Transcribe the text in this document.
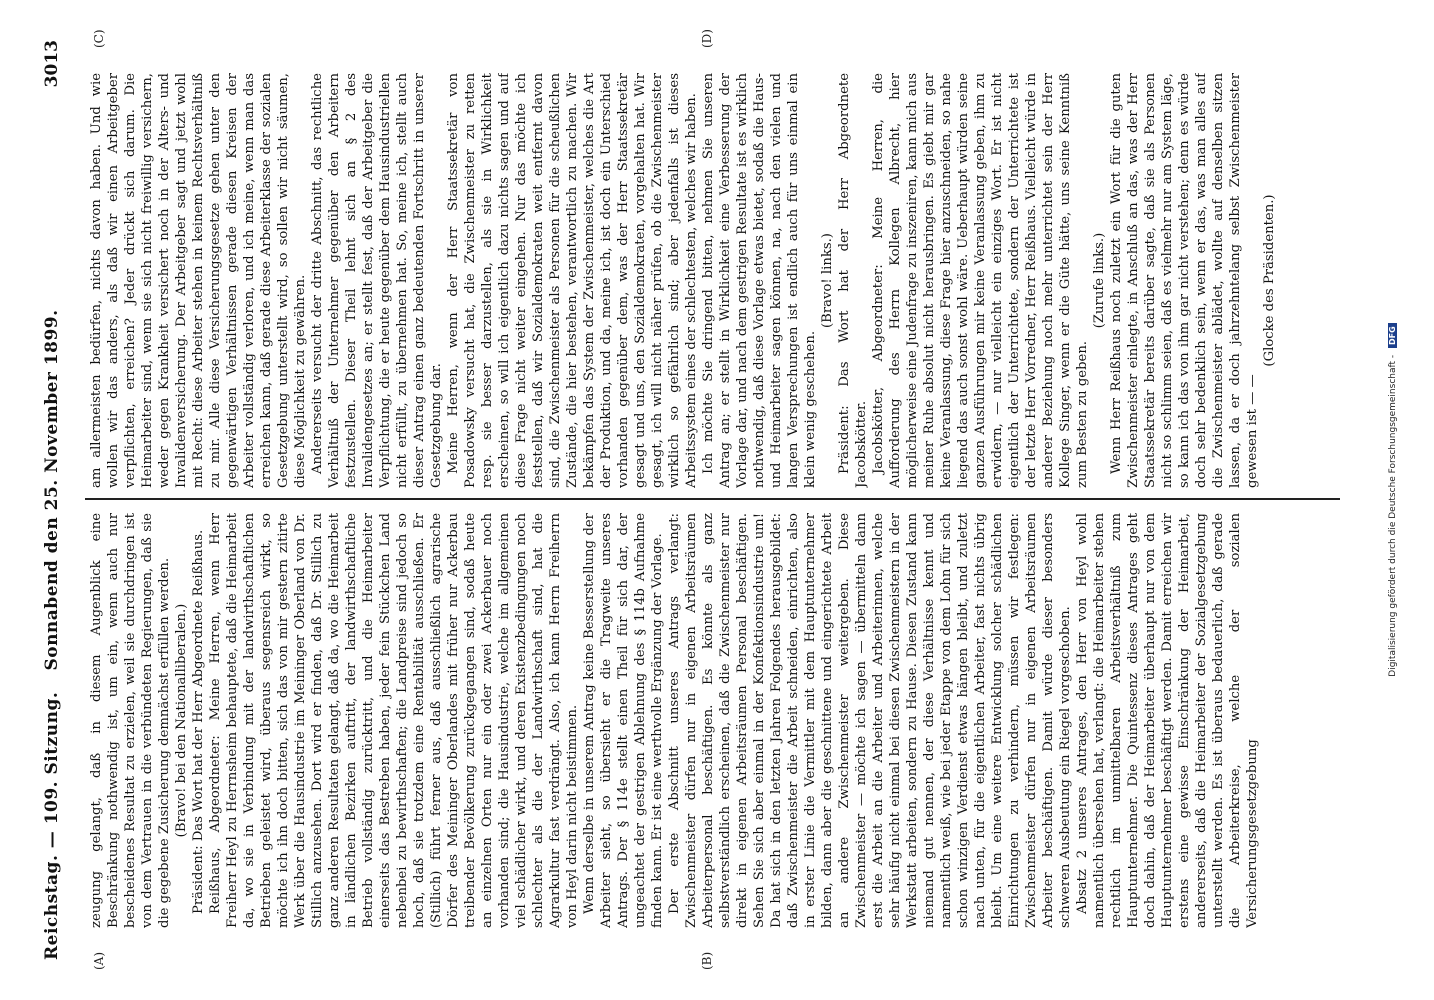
Reichstag. — 109. Sitzung.
Sonnabend den 25. November 1899.
3013
(A)	(B)
(C)	(D)

zeugung gelangt, daß in diesem Augenblick eine Beschränkung nothwendig ist, um ein, wenn auch nur bescheidenes Resultat zu erzielen, weil sie durchdringen ist von dem Vertrauen in die verbündeten Regierungen, daß sie die gegebene Zusicherung demnächst erfüllen werden. (Bravo! bei den Nationalliberalen.) Präsident: Das Wort hat der Herr Abgeordnete Reißhaus. Reißhaus, Abgeordneter: Meine Herren, wenn Herr Freiherr Heyl zu Herrnsheim behauptete, daß die Heimarbeit da, wo sie in Verbindung mit der landwirthschaftlichen Betrieben geleistet wird, überaus segensreich wirkt, so möchte ich ihn doch bitten, sich das von mir gestern zitirte Werk über die Hausindustrie im Meininger Oberland von Dr. Stillich anzusehen. Dort wird er finden, daß Dr. Stillich zu ganz anderen Resultaten gelangt, daß da, wo die Heimarbeit in ländlichen Bezirken auftritt, der landwirthschaftliche Betrieb vollständig zurücktritt, und die Heimarbeiter einerseits das Bestreben haben, jeder fein Stückchen Land nebenbei zu bewirthschaften; die Landpreise sind jedoch so hoch, daß sie trotzdem eine Rentabilität ausschließen. Er (Stillich) führt ferner aus, daß ausschließlich agrarische Dörfer des Meininger Oberlandes mit früher nur Ackerbau treibender Bevölkerung zurückgegangen sind, sodaß heute an einzelnen Orten nur ein oder zwei Ackerbauer noch vorhanden sind; die Hausindustrie, welche im allgemeinen viel schädlicher wirkt, und deren Existenzbedingungen noch schlechter als die der Landwirthschaft sind, hat die Agrarkultur fast verdrängt. Also, ich kann Herrn Freiherrn von Heyl darin nicht beistimmen. Wenn derselbe in unserem Antrag keine Besserstellung der Arbeiter sieht, so übersieht er die Tragweite unseres Antrags. Der § 114e stellt einen Theil für sich dar, der ungeachtet der gestrigen Ablehnung des § 114b Aufnahme finden kann. Er ist eine werthvolle Ergänzung der Vorlage. Der erste Abschnitt unseres Antrags verlangt: Zwischenmeister dürfen nur in eigenen Arbeitsräumen Arbeiterpersonal beschäftigen. Es könnte als ganz selbstverständlich erscheinen, daß die Zwischenmeister nur direkt in eigenen Arbeitsräumen Personal beschäftigen. Sehen Sie sich aber einmal in der Konfektionsindustrie um! Da hat sich in den letzten Jahren Folgendes herausgebildet: daß Zwischenmeister die Arbeit schneiden, einrichten, also in erster Linie die Vermittler mit dem Hauptunternehmer bilden, dann aber die geschnittene und eingerichtete Arbeit an andere Zwischenmeister weitergeben. Diese Zwischenmeister — möchte ich sagen — übermitteln dann erst die Arbeit an die Arbeiter und Arbeiterinnen, welche sehr häufig nicht einmal bei diesen Zwischenmeistern in der Werkstatt arbeiten, sondern zu Hause. Diesen Zustand kann niemand gut nennen, der diese Verhältnisse kennt und namentlich weiß, wie bei jeder Etappe von dem Lohn für sich schon winzigen Verdienst etwas hängen bleibt, und zuletzt nach unten, für die eigentlichen Arbeiter, fast nichts übrig bleibt. Um eine weitere Entwicklung solcher schädlichen Einrichtungen zu verhindern, müssen wir festlegen: Zwischenmeister dürfen nur in eigenen Arbeitsräumen Arbeiter beschäftigen. Damit würde dieser besonders schweren Ausbeutung ein Riegel vorgeschoben. Absatz 2 unseres Antrages, den Herr von Heyl wohl namentlich übersehen hat, verlangt: die Heimarbeiter stehen rechtlich im unmittelbaren Arbeitsverhältniß zum Hauptunternehmer. Die Quintessenz dieses Antrages geht doch dahin, daß der Heimarbeiter überhaupt nur von dem Hauptunternehmer beschäftigt werden. Damit erreichen wir erstens eine gewisse Einschränkung der Heimarbeit, andererseits, daß die Heimarbeiter der Sozialgesetzgebung unterstellt werden. Es ist überaus bedauerlich, daß gerade die Arbeiterkreise, welche der sozialen Versicherungsgesetzgebung

am allermeisten bedürfen, nichts davon haben. Und wie wollen wir das anders, als daß wir einen Arbeitgeber verpflichten, erreichen? Jeder drückt sich darum. Die Heimarbeiter sind, wenn sie sich nicht freiwillig versichern, weder gegen Krankheit versichert noch in der Alters- und Invalidenversicherung. Der Arbeitgeber sagt und jetzt wohl mit Recht: diese Arbeiter stehen in keinem Rechtsverhältniß zu mir. Alle diese Versicherungsgesetze gehen unter den gegenwärtigen Verhältnissen gerade diesen Kreisen der Arbeiter vollständig verloren, und ich meine, wenn man das erreichen kann, daß gerade diese Arbeiterklasse der sozialen Gesetzgebung unterstellt wird, so sollen wir nicht säumen, diese Möglichkeit zu gewähren. Andererseits versucht der dritte Abschnitt, das rechtliche Verhältniß der Unternehmer gegenüber den Arbeitern festzustellen. Dieser Theil lehnt sich an § 2 des Invalidengesetzes an; er stellt fest, daß der Arbeitgeber die Verpflichtung, die er heute gegenüber dem Hausindustriellen nicht erfüllt, zu übernehmen hat. So, meine ich, stellt auch dieser Antrag einen ganz bedeutenden Fortschritt in unserer Gesetzgebung dar. Meine Herren, wenn der Herr Staatssekretär von Posadowsky versucht hat, die Zwischenmeister zu retten resp. sie besser darzustellen, als sie in Wirklichkeit erscheinen, so will ich eigentlich dazu nichts sagen und auf diese Frage nicht weiter eingehen. Nur das möchte ich feststellen, daß wir Sozialdemokraten weit entfernt davon sind, die Zwischenmeister als Personen für die scheußlichen Zustände, die hier bestehen, verantwortlich zu machen. Wir bekämpfen das System der Zwischenmeister, welches die Art der Produktion, und da, meine ich, ist doch ein Unterschied vorhanden gegenüber dem, was der Herr Staatssekretär gesagt und uns, den Sozialdemokraten, vorgehalten hat. Wir gesagt, ich will nicht näher prüfen, ob die Zwischenmeister wirklich so gefährlich sind; aber jedenfalls ist dieses Arbeitssystem eines der schlechtesten, welches wir haben. Ich möchte Sie dringend bitten, nehmen Sie unseren Antrag an; er stellt in Wirklichkeit eine Verbesserung der Vorlage dar, und nach dem gestrigen Resultate ist es wirklich nothwendig, daß diese Vorlage etwas bietet, sodaß die Haus- und Heimarbeiter sagen können, na, nach den vielen und langen Versprechungen ist endlich auch für uns einmal ein klein wenig geschehen.

(Bravo! links.) Präsident: Das Wort hat der Herr Abgeordnete Jacobskötter. Jacobskötter, Abgeordneter: Meine Herren, die Aufforderung des Herrn Kollegen Albrecht, hier möglicherweise eine Judenfrage zu inszeniren, kann mich aus meiner Ruhe absolut nicht herausbringen. Es giebt mir gar keine Veranlassung, diese Frage hier anzuschneiden, so nahe liegend das auch sonst wohl wäre. Ueberhaupt würden seine ganzen Ausführungen mir keine Veranlassung geben, ihm zu erwidern, — nur vielleicht ein einziges Wort. Er ist nicht eigentlich der Unterrichtete, sondern der Unterrichtete ist der letzte Herr Vorredner, Herr Reißhaus. Vielleicht würde in anderer Beziehung noch mehr unterrichtet sein der Herr Kollege Singer, wenn er die Güte hätte, uns seine Kenntniß zum Besten zu geben.

(Zurufe links.) Wenn Herr Reißhaus noch zuletzt ein Wort für die guten Zwischenmeister einlegte, in Anschluß an das, was der Herr Staatssekretär bereits darüber sagte, daß sie als Personen nicht so schlimm seien, daß es vielmehr nur am System läge, so kann ich das von ihm gar nicht verstehen; denn es würde doch sehr bedenklich sein, wenn er das, was man alles auf die Zwischenmeister ablädet, wollte auf denselben sitzen lassen, da er doch jahrzehntelang selbst Zwischenmeister gewesen ist — —

(Glocke des Präsidenten.)

Digitalisierung gefördert durch die Deutsche Forschungsgemeinschaft - DFG
